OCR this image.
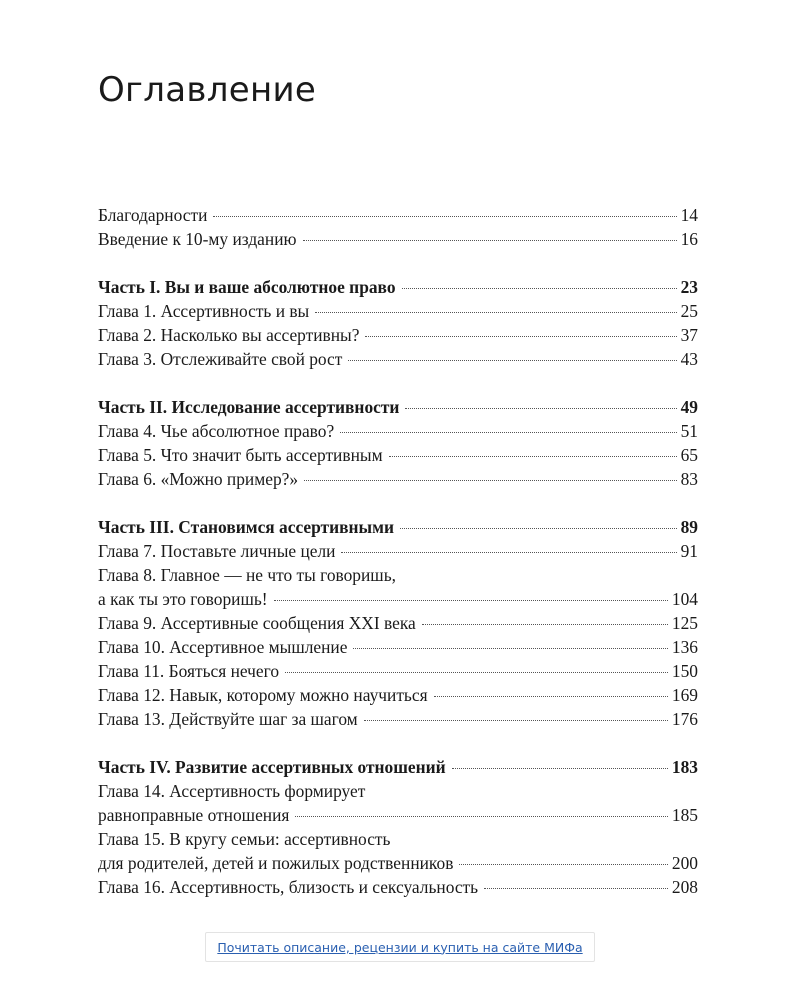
Оглавление
Благодарности	14
Введение к 10-му изданию	16
Часть I. Вы и ваше абсолютное право	23
Глава 1. Ассертивность и вы	25
Глава 2. Насколько вы ассертивны?	37
Глава 3. Отслеживайте свой рост	43
Часть II. Исследование ассертивности	49
Глава 4. Чье абсолютное право?	51
Глава 5. Что значит быть ассертивным	65
Глава 6. «Можно пример?»	83
Часть III. Становимся ассертивными	89
Глава 7. Поставьте личные цели	91
Глава 8. Главное — не что ты говоришь,
а как ты это говоришь!	104
Глава 9. Ассертивные сообщения XXI века	125
Глава 10. Ассертивное мышление	136
Глава 11. Бояться нечего	150
Глава 12. Навык, которому можно научиться	169
Глава 13. Действуйте шаг за шагом	176
Часть IV. Развитие ассертивных отношений	183
Глава 14. Ассертивность формирует
равноправные отношения	185
Глава 15. В кругу семьи: ассертивность
для родителей, детей и пожилых родственников	200
Глава 16. Ассертивность, близость и сексуальность	208
Почитать описание, рецензии и купить на сайте МИФа
